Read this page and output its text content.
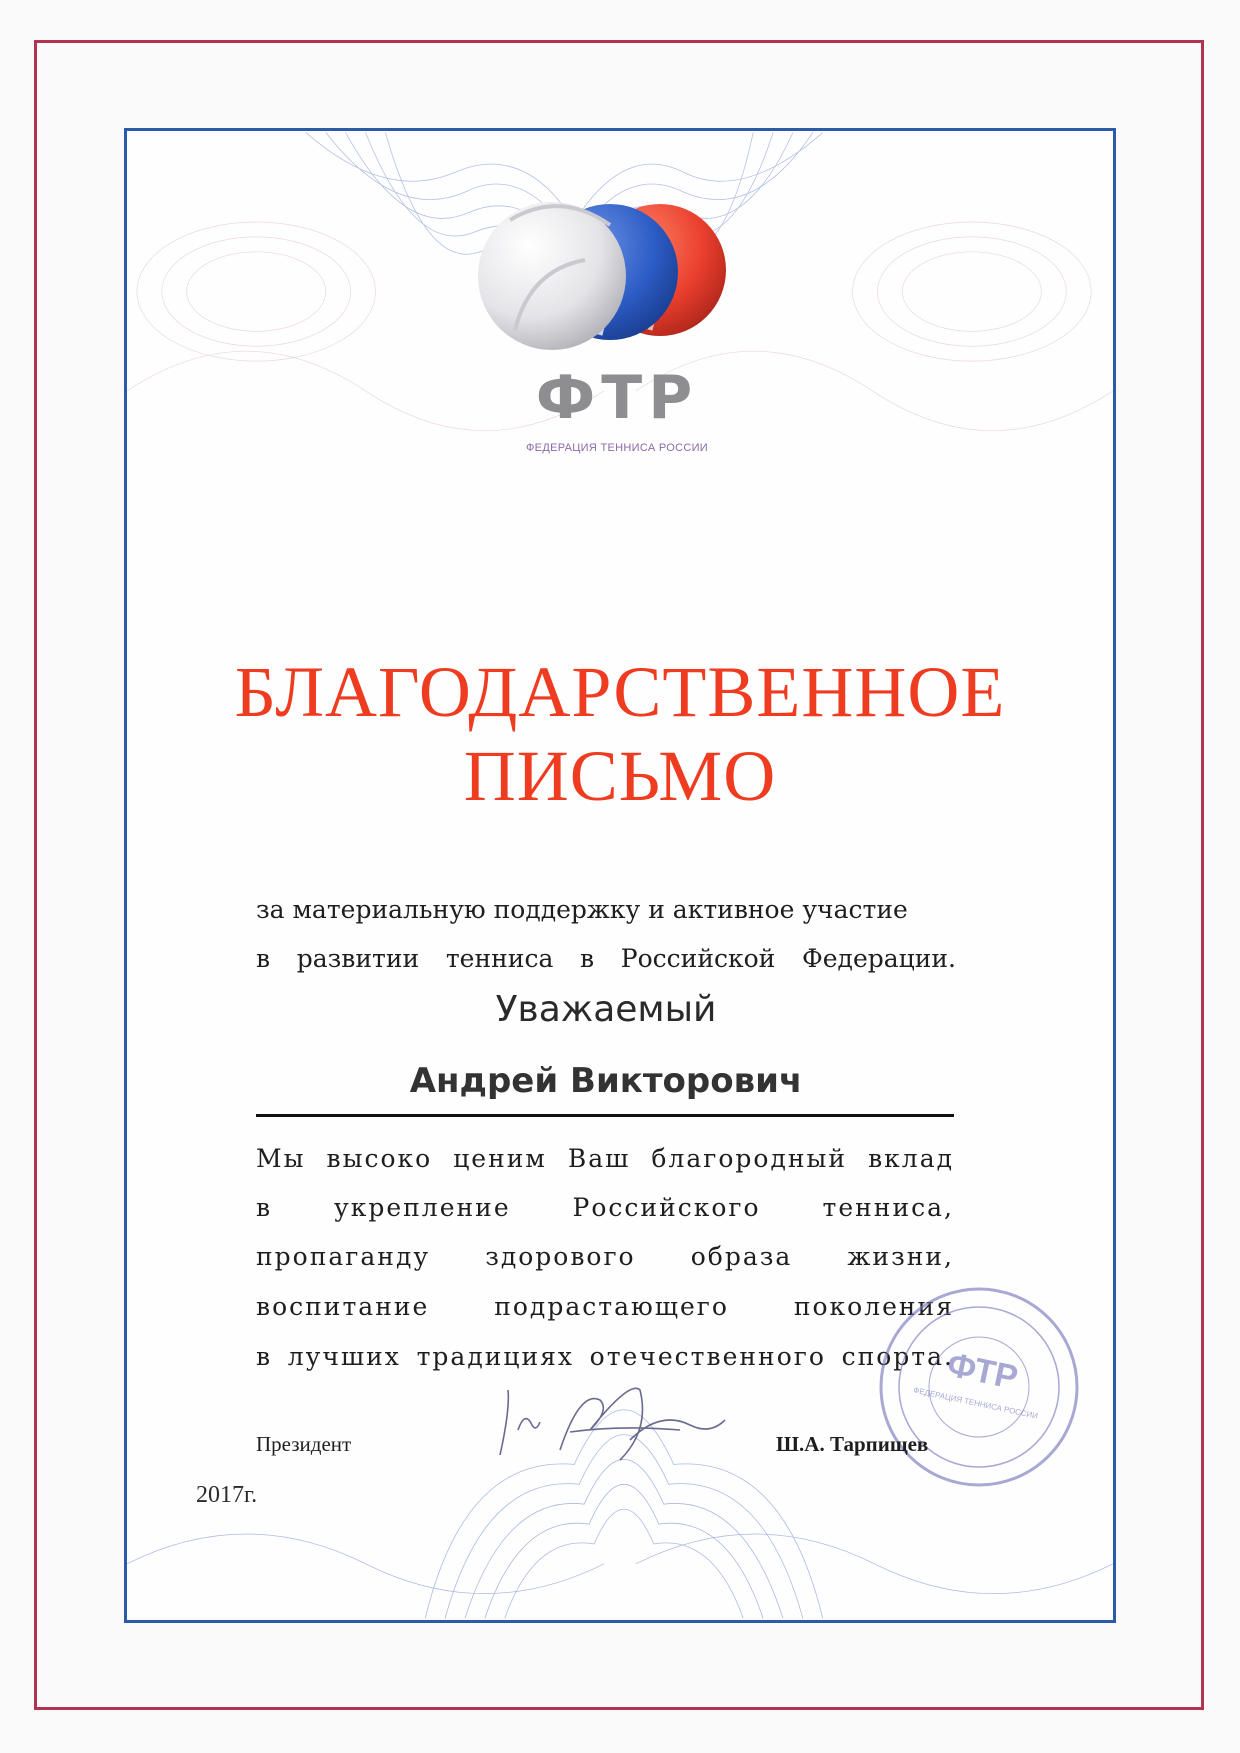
ФТР
ФЕДЕРАЦИЯ ТЕННИСА РОССИИ
БЛАГОДАРСТВЕННОЕ
ПИСЬМО
за материальную поддержку и активное участие
в развитии тенниса в Российской Федерации.
Уважаемый
Андрей Викторович
Мы высоко ценим Ваш благородный вклад
в укрепление Российского тенниса,
пропаганду здорового образа жизни,
воспитание подрастающего поколения
в лучших традициях отечественного спорта.
ФТР
ФЕДЕРАЦИЯ ТЕННИСА РОССИИ
Президент	Ш.А. Тарпищев
2017г.
